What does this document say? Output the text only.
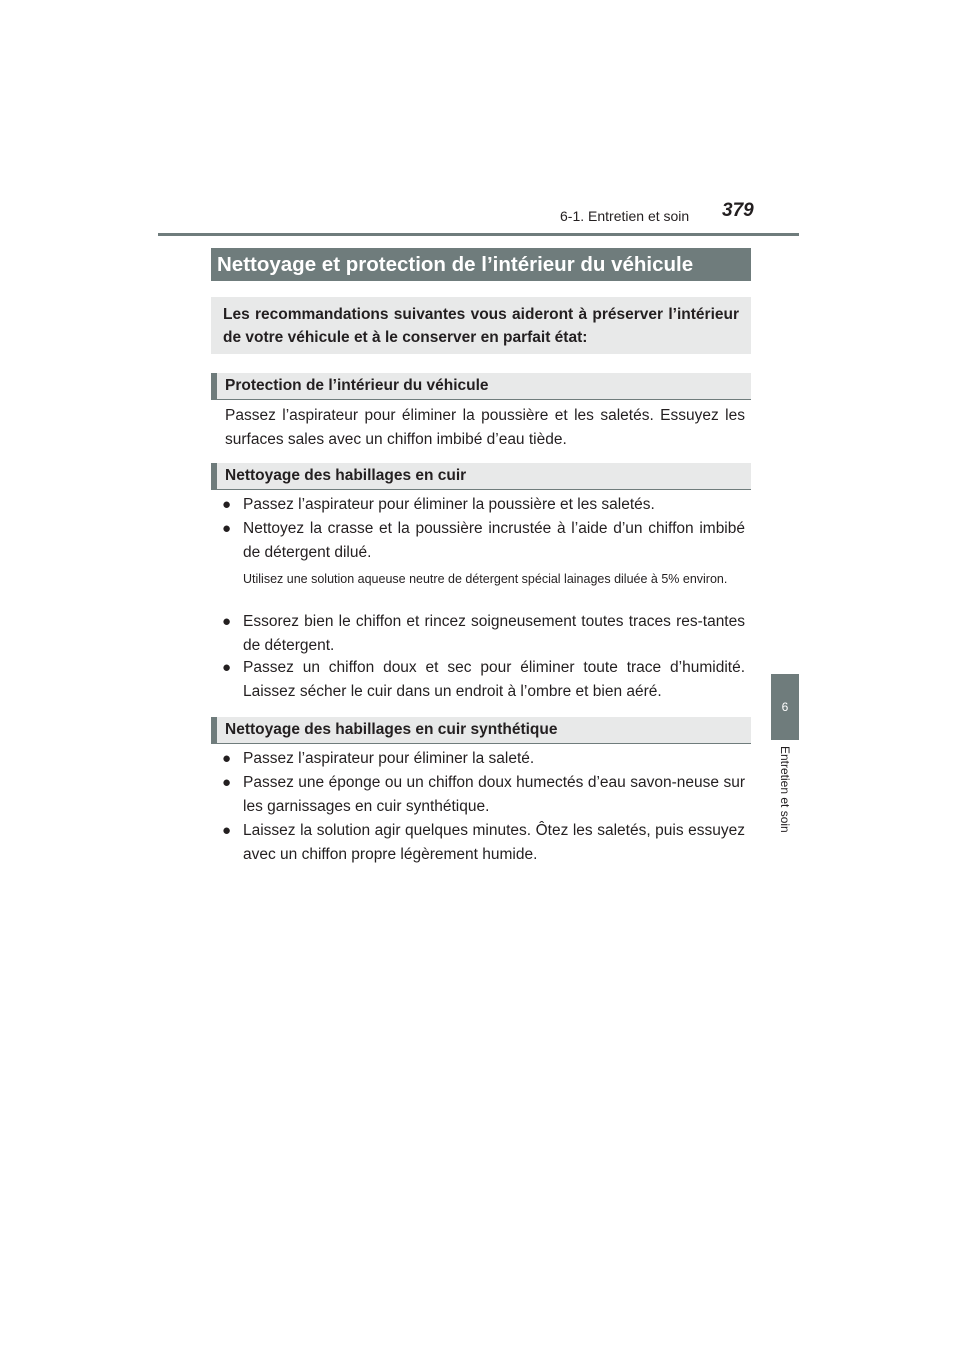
6-1. Entretien et soin 379
6
Entretien et soin
Nettoyage et protection de l’intérieur du véhicule
Les recommandations suivantes vous aideront à préserver l’intérieur de votre véhicule et à le conserver en parfait état:
Protection de l’intérieur du véhicule
Passez l’aspirateur pour éliminer la poussière et les saletés. Essuyez les surfaces sales avec un chiffon imbibé d’eau tiède.
Nettoyage des habillages en cuir
● Passez l’aspirateur pour éliminer la poussière et les saletés.
● Nettoyez la crasse et la poussière incrustée à l’aide d’un chiffon imbibé de détergent dilué.
Utilisez une solution aqueuse neutre de détergent spécial lainages diluée à 5% environ.
● Essorez bien le chiffon et rincez soigneusement toutes traces res-tantes de détergent.
● Passez un chiffon doux et sec pour éliminer toute trace d’humidité. Laissez sécher le cuir dans un endroit à l’ombre et bien aéré.
Nettoyage des habillages en cuir synthétique
● Passez l’aspirateur pour éliminer la saleté.
● Passez une éponge ou un chiffon doux humectés d’eau savon-neuse sur les garnissages en cuir synthétique.
● Laissez la solution agir quelques minutes. Ôtez les saletés, puis essuyez avec un chiffon propre légèrement humide.
